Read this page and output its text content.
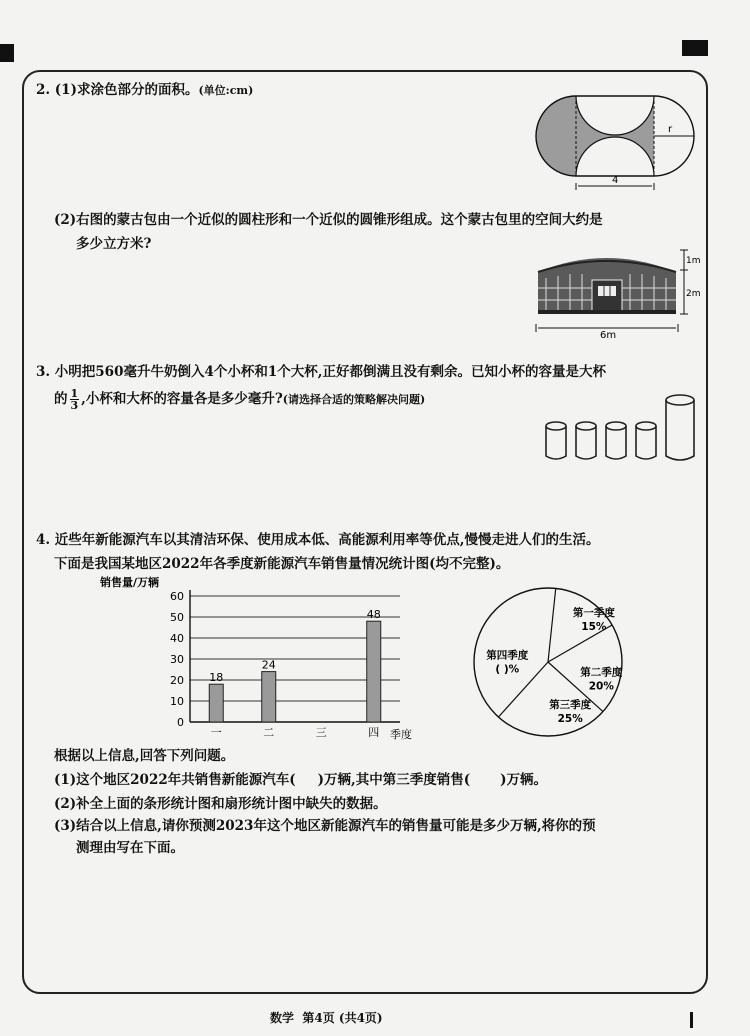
2. (1)求涂色部分的面积。(单位:cm)
r
4
(2)右图的蒙古包由一个近似的圆柱形和一个近似的圆锥形组成。这个蒙古包里的空间大约是
多少立方米?
1m
2m
6m
3. 小明把560毫升牛奶倒入4个小杯和1个大杯,正好都倒满且没有剩余。已知小杯的容量是大杯
的 $\frac{1}{3}$ ,小杯和大杯的容量各是多少毫升?(请选择合适的策略解决问题)
4. 近些年新能源汽车以其清洁环保、使用成本低、高能源利用率等优点,慢慢走进人们的生活。
下面是我国某地区2022年各季度新能源汽车销售量情况统计图(均不完整)。
销售量/万辆
季度
0
10
20
30
40
50
60
一
18
二
24
三	四
48	第一季度
15%
第二季度
20%
第三季度
25%
第四季度
( )%
根据以上信息,回答下列问题。
(1)这个地区2022年共销售新能源汽车( )万辆,其中第三季度销售( )万辆。
(2)补全上面的条形统计图和扇形统计图中缺失的数据。
(3)结合以上信息,请你预测2023年这个地区新能源汽车的销售量可能是多少万辆,将你的预
测理由写在下面。
数学 第4页 (共4页)
